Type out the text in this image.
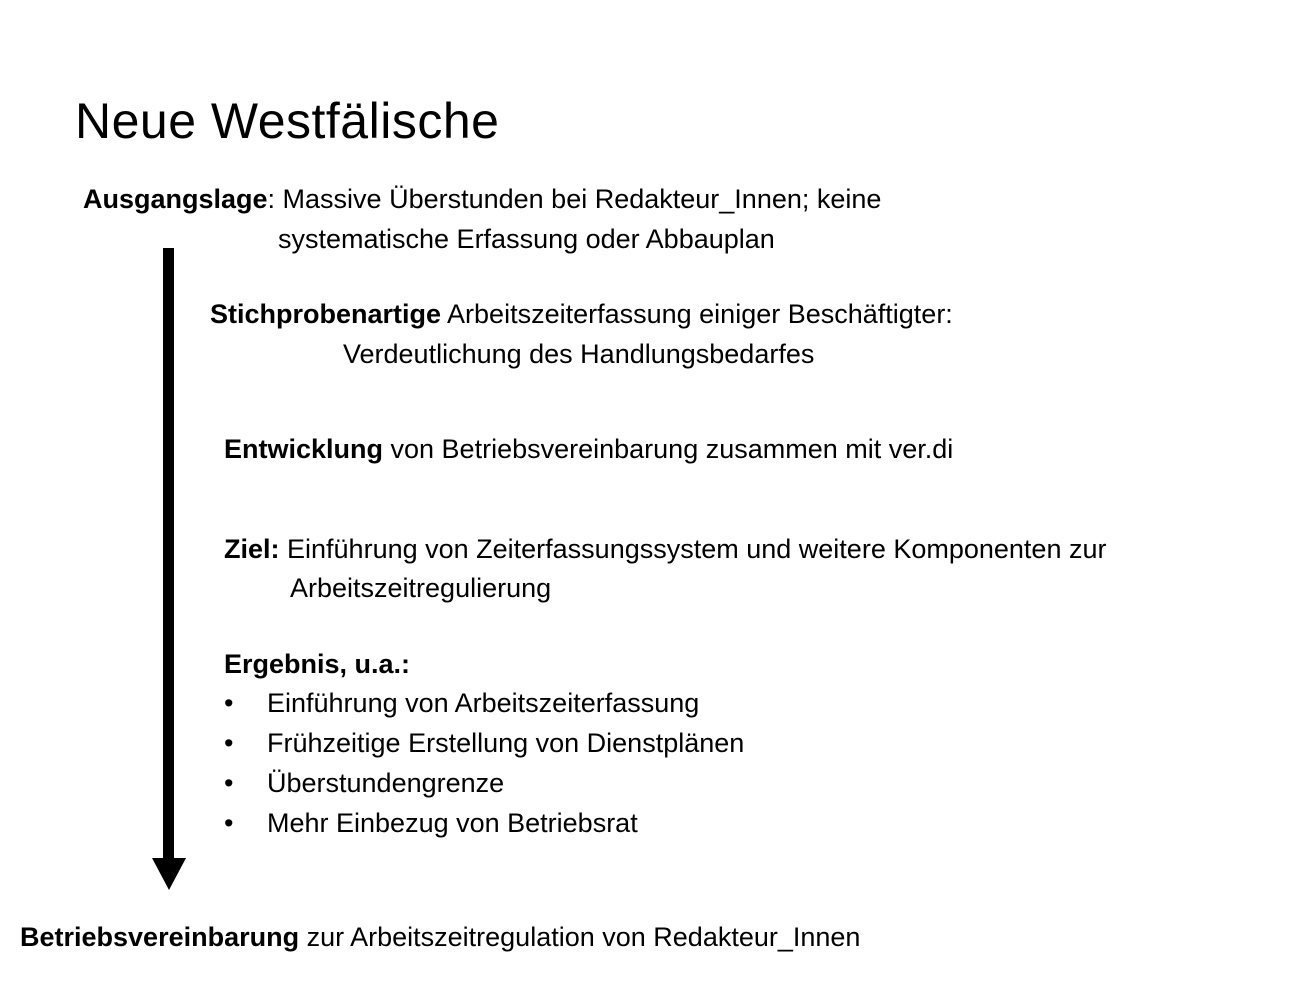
Neue Westfälische
Ausgangslage: Massive Überstunden bei Redakteur_Innen; keine
systematische Erfassung oder Abbauplan
Stichprobenartige Arbeitszeiterfassung einiger Beschäftigter:
Verdeutlichung des Handlungsbedarfes
Entwicklung von Betriebsvereinbarung zusammen mit ver.di
Ziel: Einführung von Zeiterfassungssystem und weitere Komponenten zur
Arbeitszeitregulierung
Ergebnis, u.a.:
• Einführung von Arbeitszeiterfassung
• Frühzeitige Erstellung von Dienstplänen
• Überstundengrenze
• Mehr Einbezug von Betriebsrat
Betriebsvereinbarung zur Arbeitszeitregulation von Redakteur_Innen
